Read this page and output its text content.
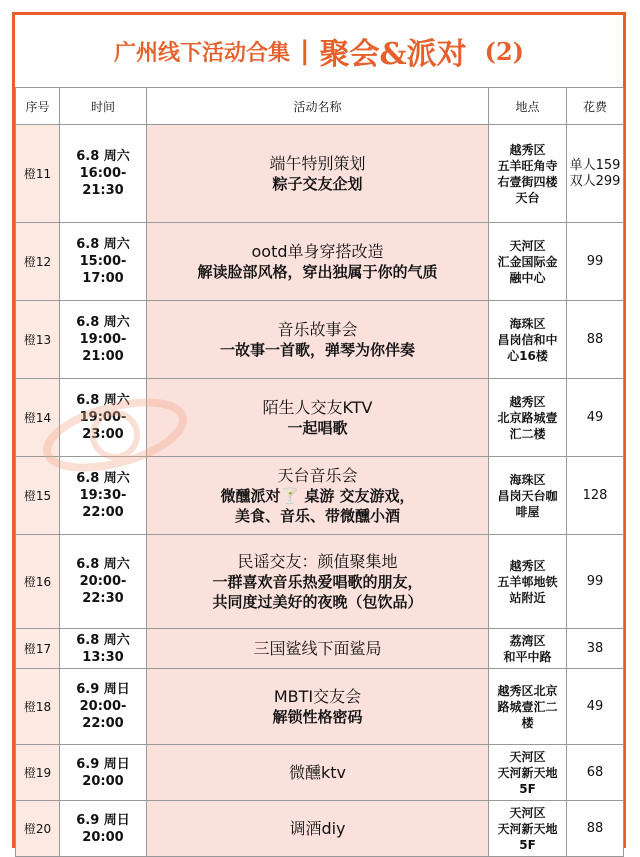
广州线下活动合集 | 聚会&派对 (2)
序号	时间	活动名称	地点	花费

橙11	6.8 周六
16:00-21:30	端午特别策划
粽子交友企划	越秀区
五羊旺角寺
右壹街四楼
天台	单人159
双人299

橙12	6.8 周六
15:00-17:00	ootd单身穿搭改造
解读脸部风格，穿出独属于你的气质	天河区
汇金国际金
融中心	99

橙13	6.8 周六
19:00-21:00	音乐故事会
一故事一首歌，弹琴为你伴奏	海珠区
昌岗信和中
心16楼	88

橙14	6.8 周六
19:00-23:00	陌生人交友KTV
一起唱歌	越秀区
北京路城壹
汇二楼	49

橙15	6.8 周六
19:30-22:00	天台音乐会
微醺派对🍸 桌游 交友游戏，
美食、音乐、带微醺小酒	海珠区
昌岗天台咖
啡屋	128

橙16	6.8 周六
20:00-22:30	民谣交友：颜值聚集地
一群喜欢音乐热爱唱歌的朋友，
共同度过美好的夜晚（包饮品）	越秀区
五羊邨地铁
站附近	99

橙17	6.8 周六
13:30	三国鲨线下面鲨局	荔湾区
和平中路	38

橙18	6.9 周日
20:00-22:00	MBTI交友会
解锁性格密码	越秀区北京
路城壹汇二
楼	49

橙19	6.9 周日
20:00	微醺ktv	天河区
天河新天地
5F	68

橙20	6.9 周日
20:00	调酒diy	天河区
天河新天地
5F	88
